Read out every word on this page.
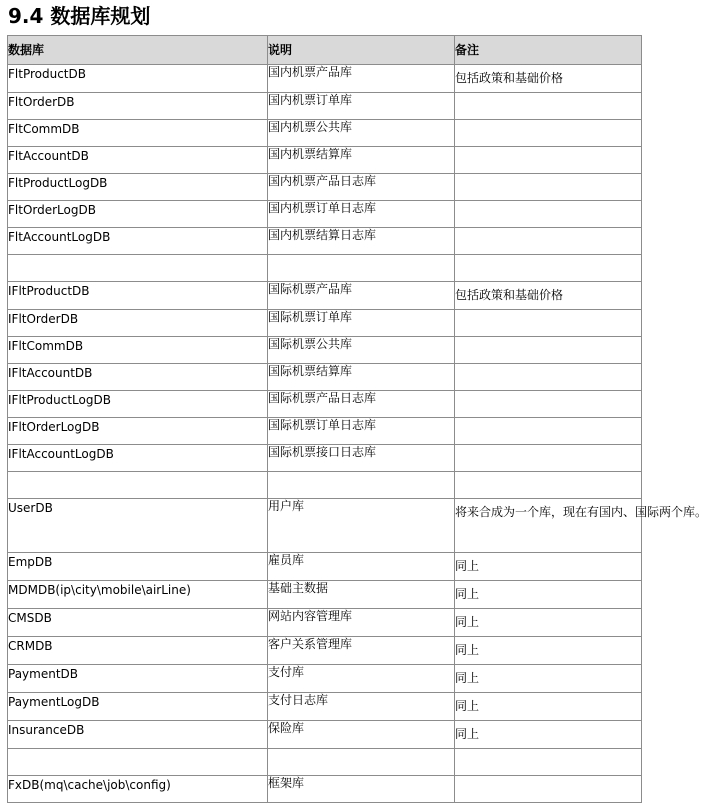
9.4 数据库规划
数据库	说明	备注
FltProductDB	国内机票产品库	包括政策和基础价格
FltOrderDB	国内机票订单库	

FltCommDB	国内机票公共库	

FltAccountDB	国内机票结算库	

FltProductLogDB	国内机票产品日志库	

FltOrderLogDB	国内机票订单日志库	

FltAccountLogDB	国内机票结算日志库	

IFltProductDB	国际机票产品库	包括政策和基础价格
IFltOrderDB	国际机票订单库	

IFltCommDB	国际机票公共库	

IFltAccountDB	国际机票结算库	

IFltProductLogDB	国际机票产品日志库	

IFltOrderLogDB	国际机票订单日志库	

IFltAccountLogDB	国际机票接口日志库	

UserDB	用户库	将来合成为一个库，现在有国内、国际两个库。
EmpDB	雇员库	同上
MDMDB(ip\city\mobile\airLine)	基础主数据	同上
CMSDB	网站内容管理库	同上
CRMDB	客户关系管理库	同上
PaymentDB	支付库	同上
PaymentLogDB	支付日志库	同上
InsuranceDB	保险库	同上

FxDB(mq\cache\job\config)	框架库	
